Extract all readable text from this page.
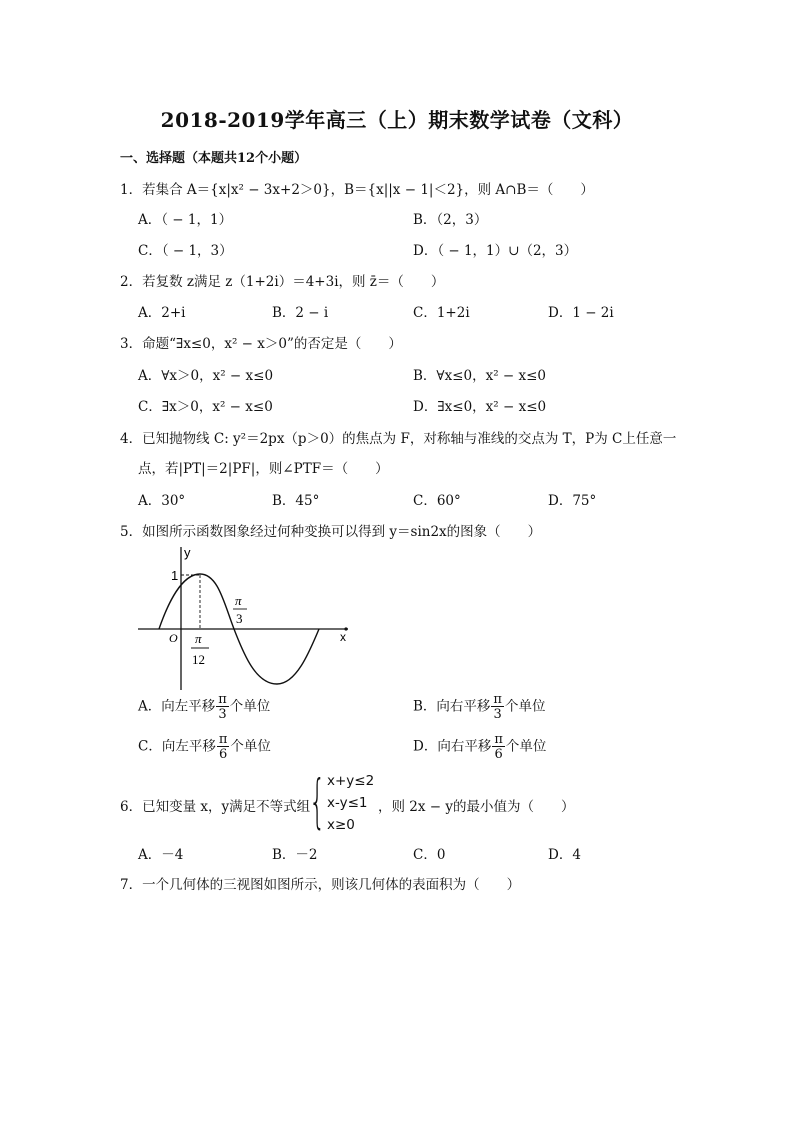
2018-2019学年高三（上）期末数学试卷（文科）
一、选择题（本题共12个小题）
1．若集合 A＝{x|x² − 3x+2＞0}，B＝{x||x − 1|＜2}，则 A∩B＝（　　）
A．（ − 1，1）	B．（2，3）
C．（ − 1，3）	D．（ − 1，1）∪（2，3）
2．若复数 z满足 z（1+2i）＝4+3i，则 z̄＝（　　）
A．2+i	B．2 − i	C．1+2i	D．1 − 2i
3．命题“∃x≤0，x² − x＞0”的否定是（　　）
A．∀x＞0，x² − x≤0	B．∀x≤0，x² − x≤0
C．∃x＞0，x² − x≤0	D．∃x≤0，x² − x≤0
4．已知抛物线 C: y²＝2px（p＞0）的焦点为 F，对称轴与准线的交点为 T，P为 C上任意一
点，若|PT|＝2|PF|，则∠PTF＝（　　）
A．30°	B．45°	C．60°	D．75°
5．如图所示函数图象经过何种变换可以得到 y＝sin2x的图象（　　）
y
x
O
1
π
3
π
12
A．向左平移 $\frac{\pi}{3}$ 个单位	B．向右平移 $\frac{\pi}{3}$ 个单位
C．向左平移 $\frac{\pi}{6}$ 个单位	D．向右平移 $\frac{\pi}{6}$ 个单位
6．已知变量 x，y满足不等式组
{ x+y≤2
x-y≤1
x≥0
，则 2x − y的最小值为（　　）
A．－4	B．－2	C．0	D．4
7．一个几何体的三视图如图所示，则该几何体的表面积为（　　）
